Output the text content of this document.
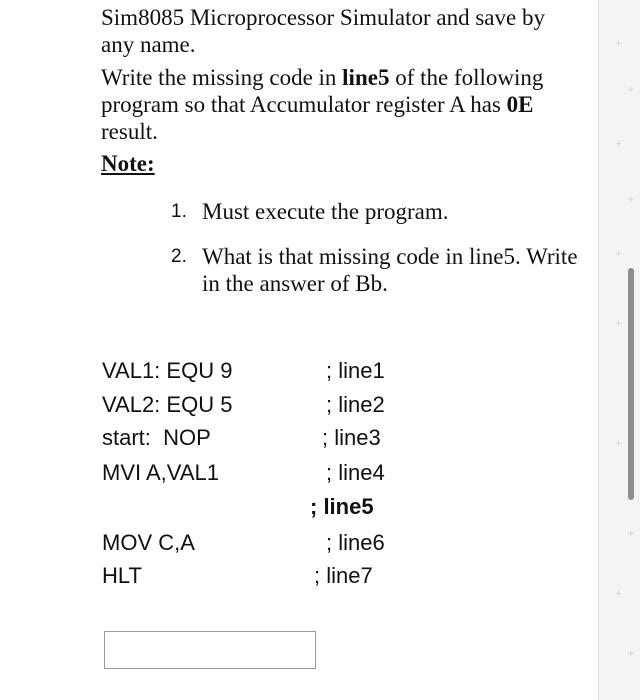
+
+
+
+
+
+
+
+
+
+

Sim8085 Microprocessor Simulator and save by any name.

Write the missing code in line5 of the following program so that Accumulator register A has 0E result.

Note:
1. Must execute the program.
2. What is that missing code in line5. Write in the answer of Bb.
VAL1: EQU 9	; line1
VAL2: EQU 5	; line2
start:  NOP	; line3
MVI A,VAL1	; line4
; line5
MOV C,A	; line6
HLT	; line7
